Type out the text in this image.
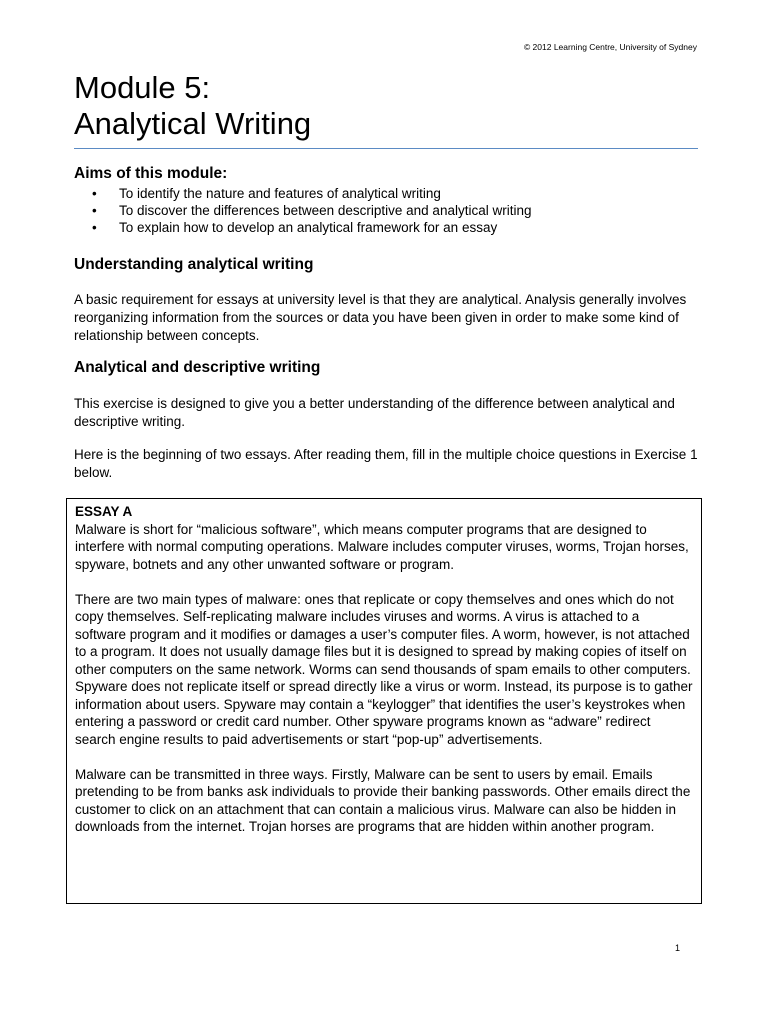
© 2012 Learning Centre, University of Sydney
Module 5:
Analytical Writing
Aims of this module:
• To identify the nature and features of analytical writing
• To discover the differences between descriptive and analytical writing
• To explain how to develop an analytical framework for an essay
Understanding analytical writing

A basic requirement for essays at university level is that they are analytical. Analysis generally involves reorganizing information from the sources or data you have been given in order to make some kind of relationship between concepts.

Analytical and descriptive writing

This exercise is designed to give you a better understanding of the difference between analytical and descriptive writing.

Here is the beginning of two essays. After reading them, fill in the multiple choice questions in Exercise 1 below.

ESSAY A

Malware is short for “malicious software”, which means computer programs that are designed to interfere with normal computing operations. Malware includes computer viruses, worms, Trojan horses, spyware, botnets and any other unwanted software or program.

There are two main types of malware: ones that replicate or copy themselves and ones which do not copy themselves. Self-replicating malware includes viruses and worms. A virus is attached to a software program and it modifies or damages a user’s computer files. A worm, however, is not attached to a program. It does not usually damage files but it is designed to spread by making copies of itself on other computers on the same network. Worms can send thousands of spam emails to other computers. Spyware does not replicate itself or spread directly like a virus or worm. Instead, its purpose is to gather information about users. Spyware may contain a “keylogger” that identifies the user’s keystrokes when entering a password or credit card number. Other spyware programs known as “adware” redirect search engine results to paid advertisements or start “pop-up” advertisements.

Malware can be transmitted in three ways. Firstly, Malware can be sent to users by email. Emails pretending to be from banks ask individuals to provide their banking passwords. Other emails direct the customer to click on an attachment that can contain a malicious virus. Malware can also be hidden in downloads from the internet. Trojan horses are programs that are hidden within another program.

1
